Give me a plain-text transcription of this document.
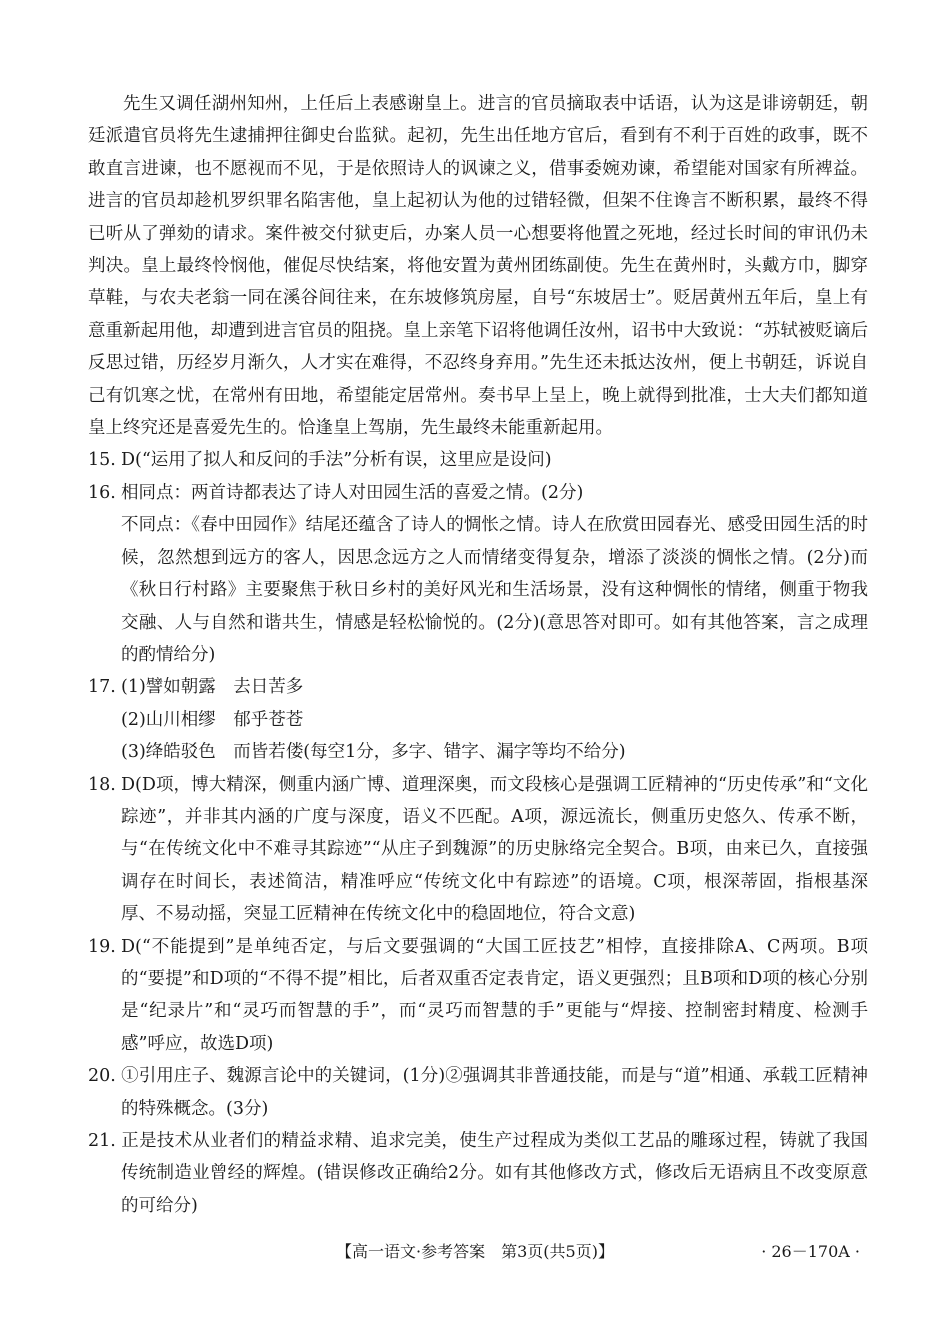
先生又调任湖州知州，上任后上表感谢皇上。进言的官员摘取表中话语，认为这是诽谤朝廷，朝廷派遣官员将先生逮捕押往御史台监狱。起初，先生出任地方官后，看到有不利于百姓的政事，既不敢直言进谏，也不愿视而不见，于是依照诗人的讽谏之义，借事委婉劝谏，希望能对国家有所裨益。进言的官员却趁机罗织罪名陷害他，皇上起初认为他的过错轻微，但架不住谗言不断积累，最终不得已听从了弹劾的请求。案件被交付狱吏后，办案人员一心想要将他置之死地，经过长时间的审讯仍未判决。皇上最终怜悯他，催促尽快结案，将他安置为黄州团练副使。先生在黄州时，头戴方巾，脚穿草鞋，与农夫老翁一同在溪谷间往来，在东坡修筑房屋，自号“东坡居士”。贬居黄州五年后，皇上有意重新起用他，却遭到进言官员的阻挠。皇上亲笔下诏将他调任汝州，诏书中大致说：“苏轼被贬谪后反思过错，历经岁月渐久，人才实在难得，不忍终身弃用。”先生还未抵达汝州，便上书朝廷，诉说自己有饥寒之忧，在常州有田地，希望能定居常州。奏书早上呈上，晚上就得到批准，士大夫们都知道皇上终究还是喜爱先生的。恰逢皇上驾崩，先生最终未能重新起用。

15. D(“运用了拟人和反问的手法”分析有误，这里应是设问)

16. 相同点：两首诗都表达了诗人对田园生活的喜爱之情。(2分)

不同点：《春中田园作》结尾还蕴含了诗人的惆怅之情。诗人在欣赏田园春光、感受田园生活的时候，忽然想到远方的客人，因思念远方之人而情绪变得复杂，增添了淡淡的惆怅之情。(2分)而《秋日行村路》主要聚焦于秋日乡村的美好风光和生活场景，没有这种惆怅的情绪，侧重于物我交融、人与自然和谐共生，情感是轻松愉悦的。(2分)(意思答对即可。如有其他答案，言之成理的酌情给分)

17. (1)譬如朝露　去日苦多

(2)山川相缪　郁乎苍苍

(3)绛皓驳色　而皆若偻(每空1分，多字、错字、漏字等均不给分)

18. D(D项，博大精深，侧重内涵广博、道理深奥，而文段核心是强调工匠精神的“历史传承”和“文化踪迹”，并非其内涵的广度与深度，语义不匹配。A项，源远流长，侧重历史悠久、传承不断，与“在传统文化中不难寻其踪迹”“从庄子到魏源”的历史脉络完全契合。B项，由来已久，直接强调存在时间长，表述简洁，精准呼应“传统文化中有踪迹”的语境。C项，根深蒂固，指根基深厚、不易动摇，突显工匠精神在传统文化中的稳固地位，符合文意)

19. D(“不能提到”是单纯否定，与后文要强调的“大国工匠技艺”相悖，直接排除A、C两项。B项的“要提”和D项的“不得不提”相比，后者双重否定表肯定，语义更强烈；且B项和D项的核心分别是“纪录片”和“灵巧而智慧的手”，而“灵巧而智慧的手”更能与“焊接、控制密封精度、检测手感”呼应，故选D项)

20. ①引用庄子、魏源言论中的关键词，(1分)②强调其非普通技能，而是与“道”相通、承载工匠精神的特殊概念。(3分)

21. 正是技术从业者们的精益求精、追求完美，使生产过程成为类似工艺品的雕琢过程，铸就了我国传统制造业曾经的辉煌。(错误修改正确给2分。如有其他修改方式，修改后无语病且不改变原意的可给分)

【高一语文·参考答案　第3页(共5页)】	· 26－170A ·
